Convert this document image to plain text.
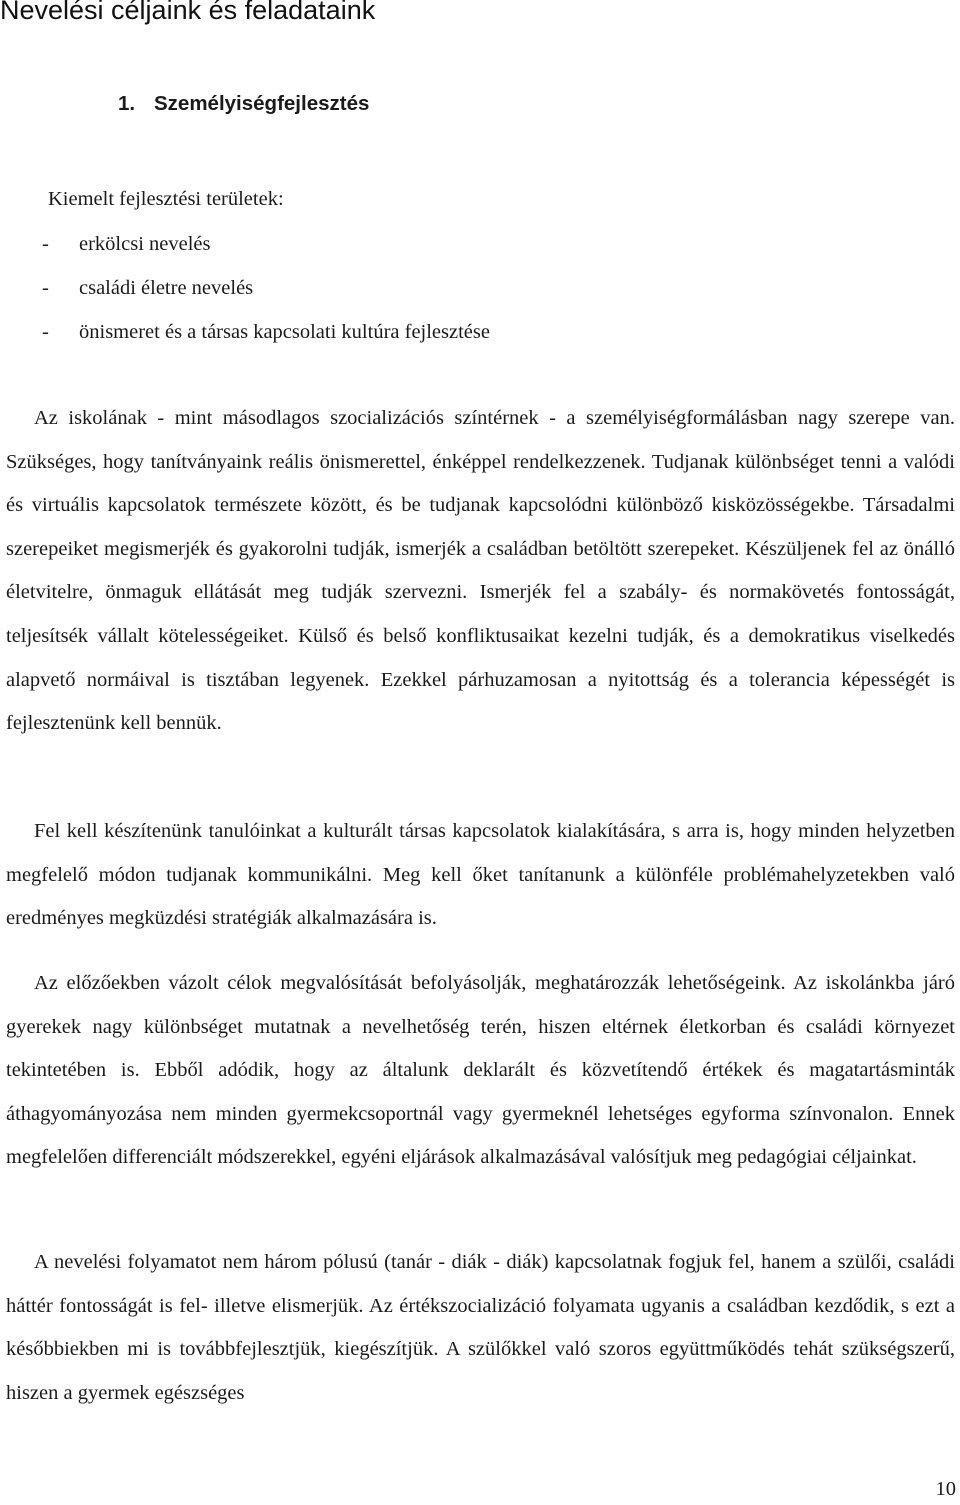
Nevelési céljaink és feladataink
1. Személyiségfejlesztés

Kiemelt fejlesztési területek:

-	erkölcsi nevelés
-	családi életre nevelés
-	önismeret és a társas kapcsolati kultúra fejlesztése

Az iskolának - mint másodlagos szocializációs színtérnek - a személyiségformálásban nagy szerepe van. Szükséges, hogy tanítványaink reális önismerettel, énképpel rendelkezzenek. Tudjanak különbséget tenni a valódi és virtuális kapcsolatok természete között, és be tudjanak kapcsolódni különböző kisközösségekbe. Társadalmi szerepeiket megismerjék és gyakorolni tudják, ismerjék a családban betöltött szerepeket. Készüljenek fel az önálló életvitelre, önmaguk ellátását meg tudják szervezni. Ismerjék fel a szabály- és normakövetés fontosságát, teljesítsék vállalt kötelességeiket. Külső és belső konfliktusaikat kezelni tudják, és a demokratikus viselkedés alapvető normáival is tisztában legyenek. Ezekkel párhuzamosan a nyitottság és a tolerancia képességét is fejlesztenünk kell bennük.

Fel kell készítenünk tanulóinkat a kulturált társas kapcsolatok kialakítására, s arra is, hogy minden helyzetben megfelelő módon tudjanak kommunikálni. Meg kell őket tanítanunk a különféle problémahelyzetekben való eredményes megküzdési stratégiák alkalmazására is.

Az előzőekben vázolt célok megvalósítását befolyásolják, meghatározzák lehetőségeink. Az iskolánkba járó gyerekek nagy különbséget mutatnak a nevelhetőség terén, hiszen eltérnek életkorban és családi környezet tekintetében is. Ebből adódik, hogy az általunk deklarált és közvetítendő értékek és magatartásminták áthagyományozása nem minden gyermekcsoportnál vagy gyermeknél lehetséges egyforma színvonalon. Ennek megfelelően differenciált módszerekkel, egyéni eljárások alkalmazásával valósítjuk meg pedagógiai céljainkat.

A nevelési folyamatot nem három pólusú (tanár - diák - diák) kapcsolatnak fogjuk fel, hanem a szülői, családi háttér fontosságát is fel- illetve elismerjük. Az értékszocializáció folyamata ugyanis a családban kezdődik, s ezt a későbbiekben mi is továbbfejlesztjük, kiegészítjük. A szülőkkel való szoros együttműködés tehát szükségszerű, hiszen a gyermek egészséges

10
